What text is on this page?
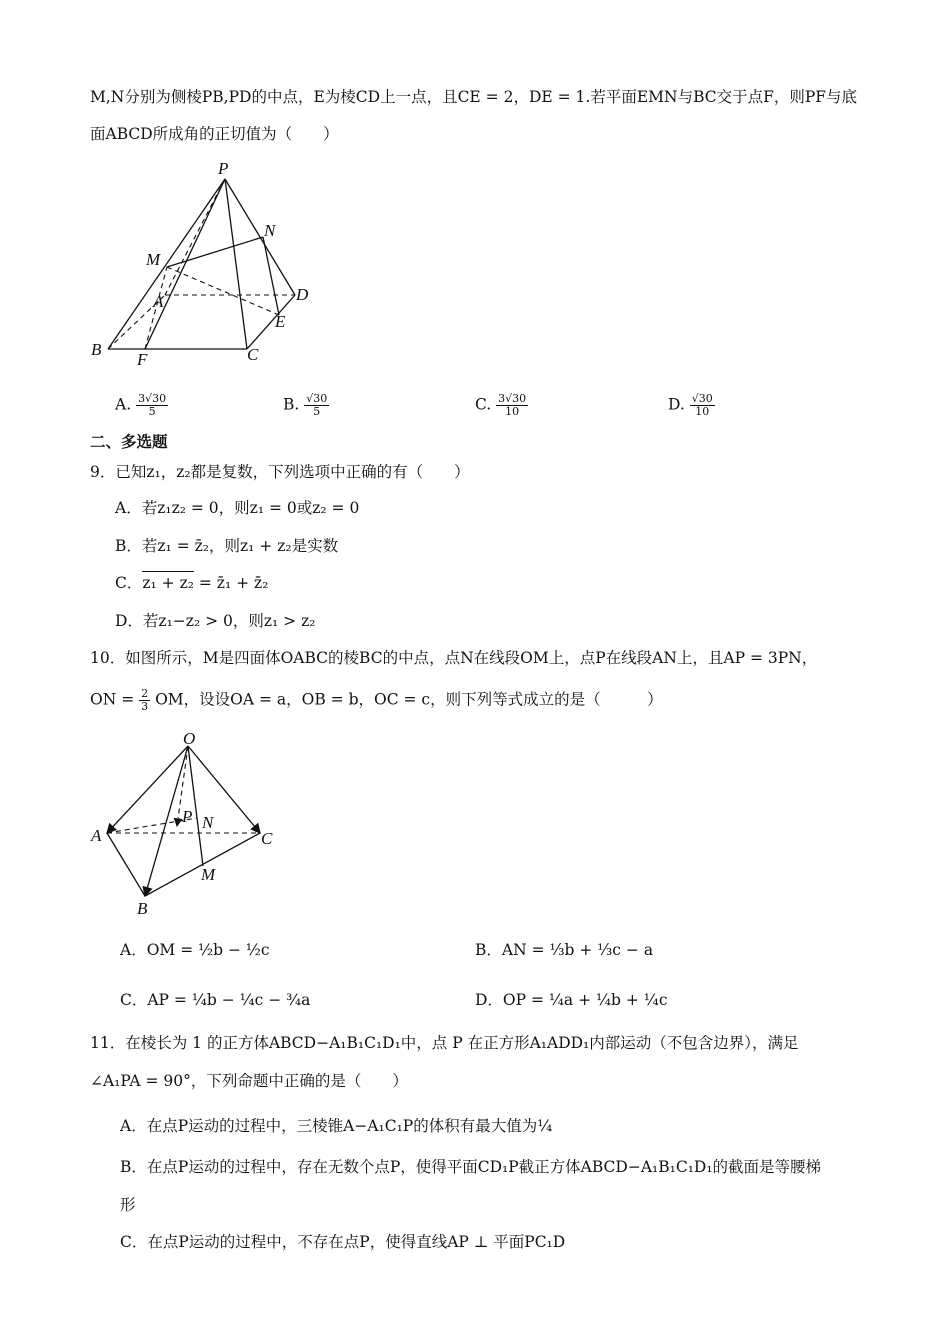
M,N分别为侧棱PB,PD的中点，E为棱CD上一点，且CE = 2，DE = 1.若平面EMN与BC交于点F，则PF与底
面ABCD所成角的正切值为（　　）
P
N
M
A	D
E
B
F	C
A. $\frac{3√30}{5}$	B. $\frac{√30}{5}$	C. $\frac{3√30}{10}$	D. $\frac{√30}{10}$
二、多选题
9．已知z₁，z₂都是复数，下列选项中正确的有（　　）
A．若z₁z₂ = 0，则z₁ = 0或z₂ = 0
B．若z₁ = z̄₂，则z₁ + z₂是实数
C．z₁ + z₂ = z̄₁ + z̄₂
D．若z₁−z₂ > 0，则z₁ > z₂
10．如图所示，M是四面体OABC的棱BC的中点，点N在线段OM上，点P在线段AN上，且AP = 3PN，
ON = $\frac{2}{3}$ OM，设设OA = a，OB = b，OC = c，则下列等式成立的是（　　　）
O
P N
A	C
M
B
A．OM = ½b − ½c	B．AN = ⅓b + ⅓c − a
C．AP = ¼b − ¼c − ¾a	D．OP = ¼a + ¼b + ¼c
11．在棱长为 1 的正方体ABCD−A₁B₁C₁D₁中，点 P 在正方形A₁ADD₁内部运动（不包含边界），满足
∠A₁PA = 90°，下列命题中正确的是（　　）
A．在点P运动的过程中，三棱锥A−A₁C₁P的体积有最大值为¼
B．在点P运动的过程中，存在无数个点P，使得平面CD₁P截正方体ABCD−A₁B₁C₁D₁的截面是等腰梯
形
C．在点P运动的过程中，不存在点P，使得直线AP ⊥ 平面PC₁D
